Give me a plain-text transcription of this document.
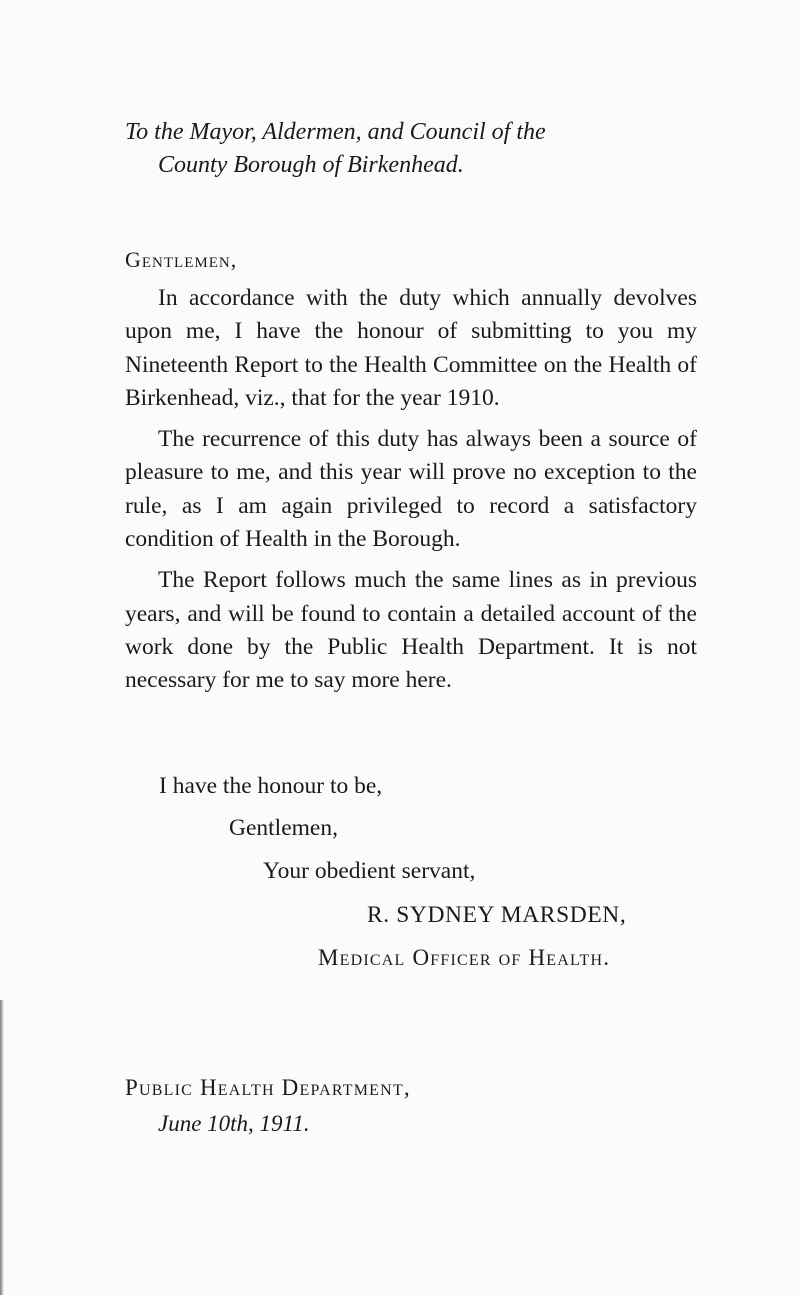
To the Mayor, Aldermen, and Council of the
County Borough of Birkenhead.
Gentlemen,

In accordance with the duty which annually devolves upon me, I have the honour of submitting to you my Nineteenth Report to the Health Committee on the Health of Birkenhead, viz., that for the year 1910.

The recurrence of this duty has always been a source of pleasure to me, and this year will prove no exception to the rule, as I am again privileged to record a satisfactory condition of Health in the Borough.

The Report follows much the same lines as in previous years, and will be found to contain a detailed account of the work done by the Public Health Department. It is not necessary for me to say more here.

I have the honour to be,
Gentlemen,
Your obedient servant,
R. SYDNEY MARSDEN,
Medical Officer of Health.
Public Health Department,
June 10th, 1911.
